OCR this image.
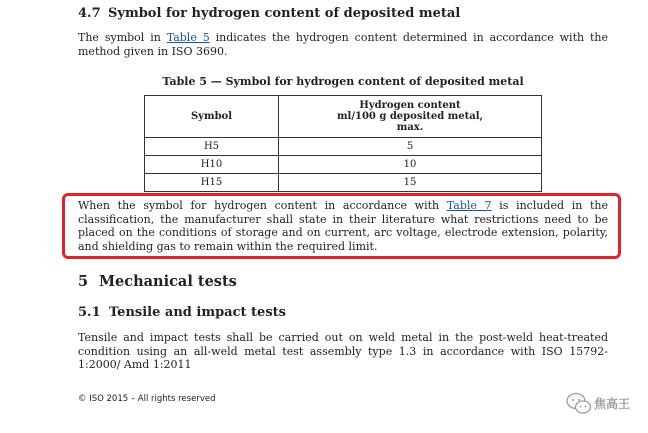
4.7 Symbol for hydrogen content of deposited metal
The symbol in Table 5 indicates the hydrogen content determined in accordance with the method given in ISO 3690.
Table 5 — Symbol for hydrogen content of deposited metal
Symbol	Hydrogen content
ml/100 g deposited metal,
max.

H5	5
H10	10
H15	15
When the symbol for hydrogen content in accordance with Table 7 is included in the classification, the manufacturer shall state in their literature what restrictions need to be placed on the conditions of storage and on current, arc voltage, electrode extension, polarity, and shielding gas to remain within the required limit.
5 Mechanical tests
5.1 Tensile and impact tests
Tensile and impact tests shall be carried out on weld metal in the post-weld heat-treated condition using an all-weld metal test assembly type 1.3 in accordance with ISO 15792-1:2000/ Amd 1:2011
© ISO 2015 – All rights reserved	焦高王
